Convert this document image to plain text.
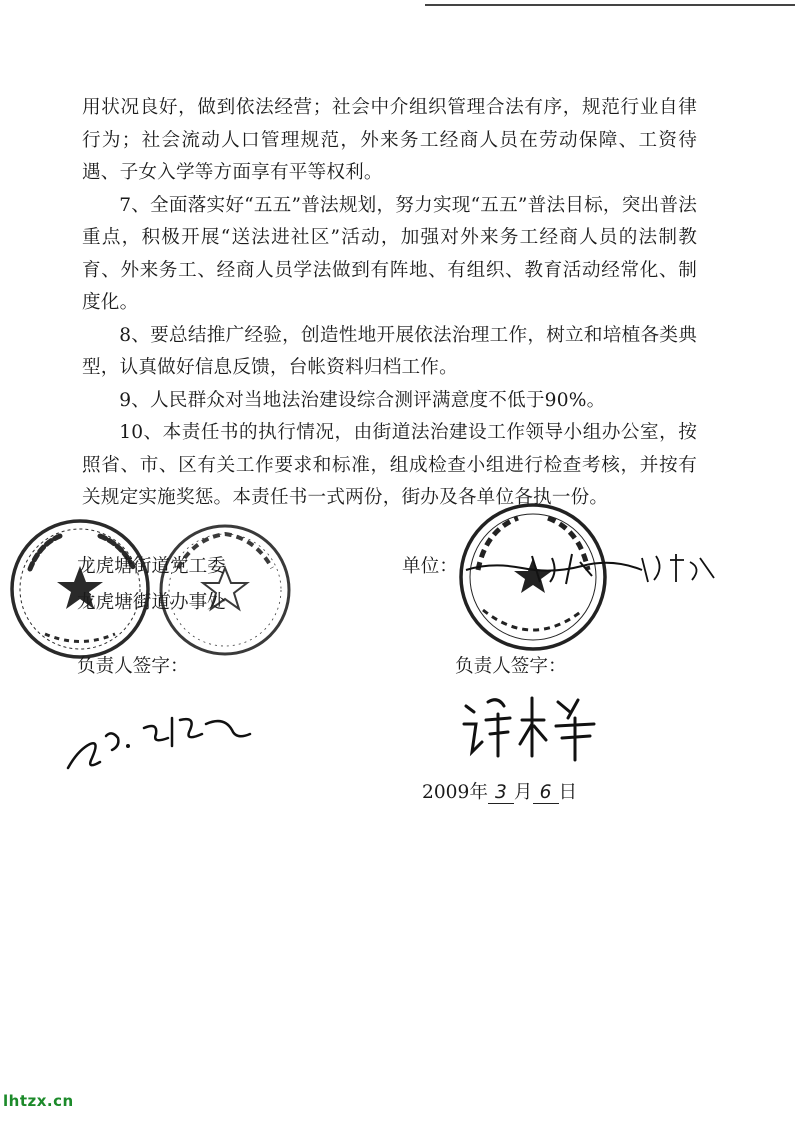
用状况良好，做到依法经营；社会中介组织管理合法有序，规范行业自律行为；社会流动人口管理规范，外来务工经商人员在劳动保障、工资待遇、子女入学等方面享有平等权利。

7、全面落实好“五五”普法规划，努力实现“五五”普法目标，突出普法重点，积极开展“送法进社区”活动，加强对外来务工经商人员的法制教育、外来务工、经商人员学法做到有阵地、有组织、教育活动经常化、制度化。

8、要总结推广经验，创造性地开展依法治理工作，树立和培植各类典型，认真做好信息反馈，台帐资料归档工作。

9、人民群众对当地法治建设综合测评满意度不低于90%。

10、本责任书的执行情况，由街道法治建设工作领导小组办公室，按照省、市、区有关工作要求和标准，组成检查小组进行检查考核，并按有关规定实施奖惩。本责任书一式两份，街办及各单位各执一份。

龙虎塘街道党工委
龙虎塘街道办事处
负责人签字：
单位：
负责人签字：
2009年 3 月 6 日
lhtzx.cn
